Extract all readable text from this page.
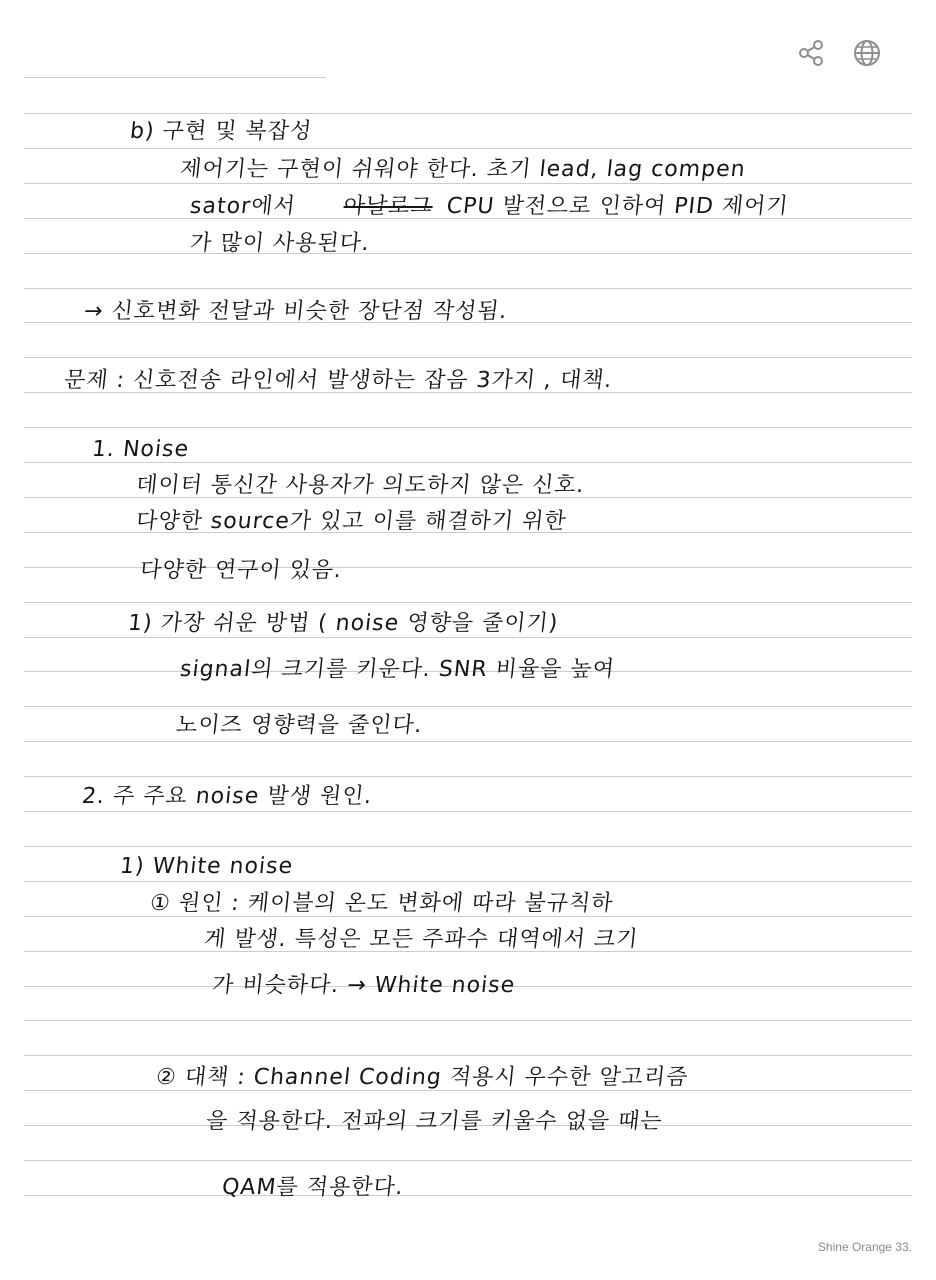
b) 구현 및 복잡성
제어기는 구현이 쉬워야 한다. 초기 lead, lag compen
sator에서 아날로그 CPU 발전으로 인하여 PID 제어기
가 많이 사용된다.
→ 신호변화 전달과 비슷한 장단점 작성됨.
문제 : 신호전송 라인에서 발생하는 잡음 3가지 , 대책.
1. Noise
데이터 통신간 사용자가 의도하지 않은 신호.
다양한 source가 있고 이를 해결하기 위한
다양한 연구이 있음.
1) 가장 쉬운 방법 ( noise 영향을 줄이기)
signal의 크기를 키운다. SNR 비율을 높여
노이즈 영향력을 줄인다.
2. 주 주요 noise 발생 원인.
1) White noise
① 원인 : 케이블의 온도 변화에 따라 불규칙하
게 발생. 특성은 모든 주파수 대역에서 크기
가 비슷하다. → White noise
② 대책 : Channel Coding 적용시 우수한 알고리즘
을 적용한다. 전파의 크기를 키울수 없을 때는
QAM를 적용한다.
Shine Orange 33.
